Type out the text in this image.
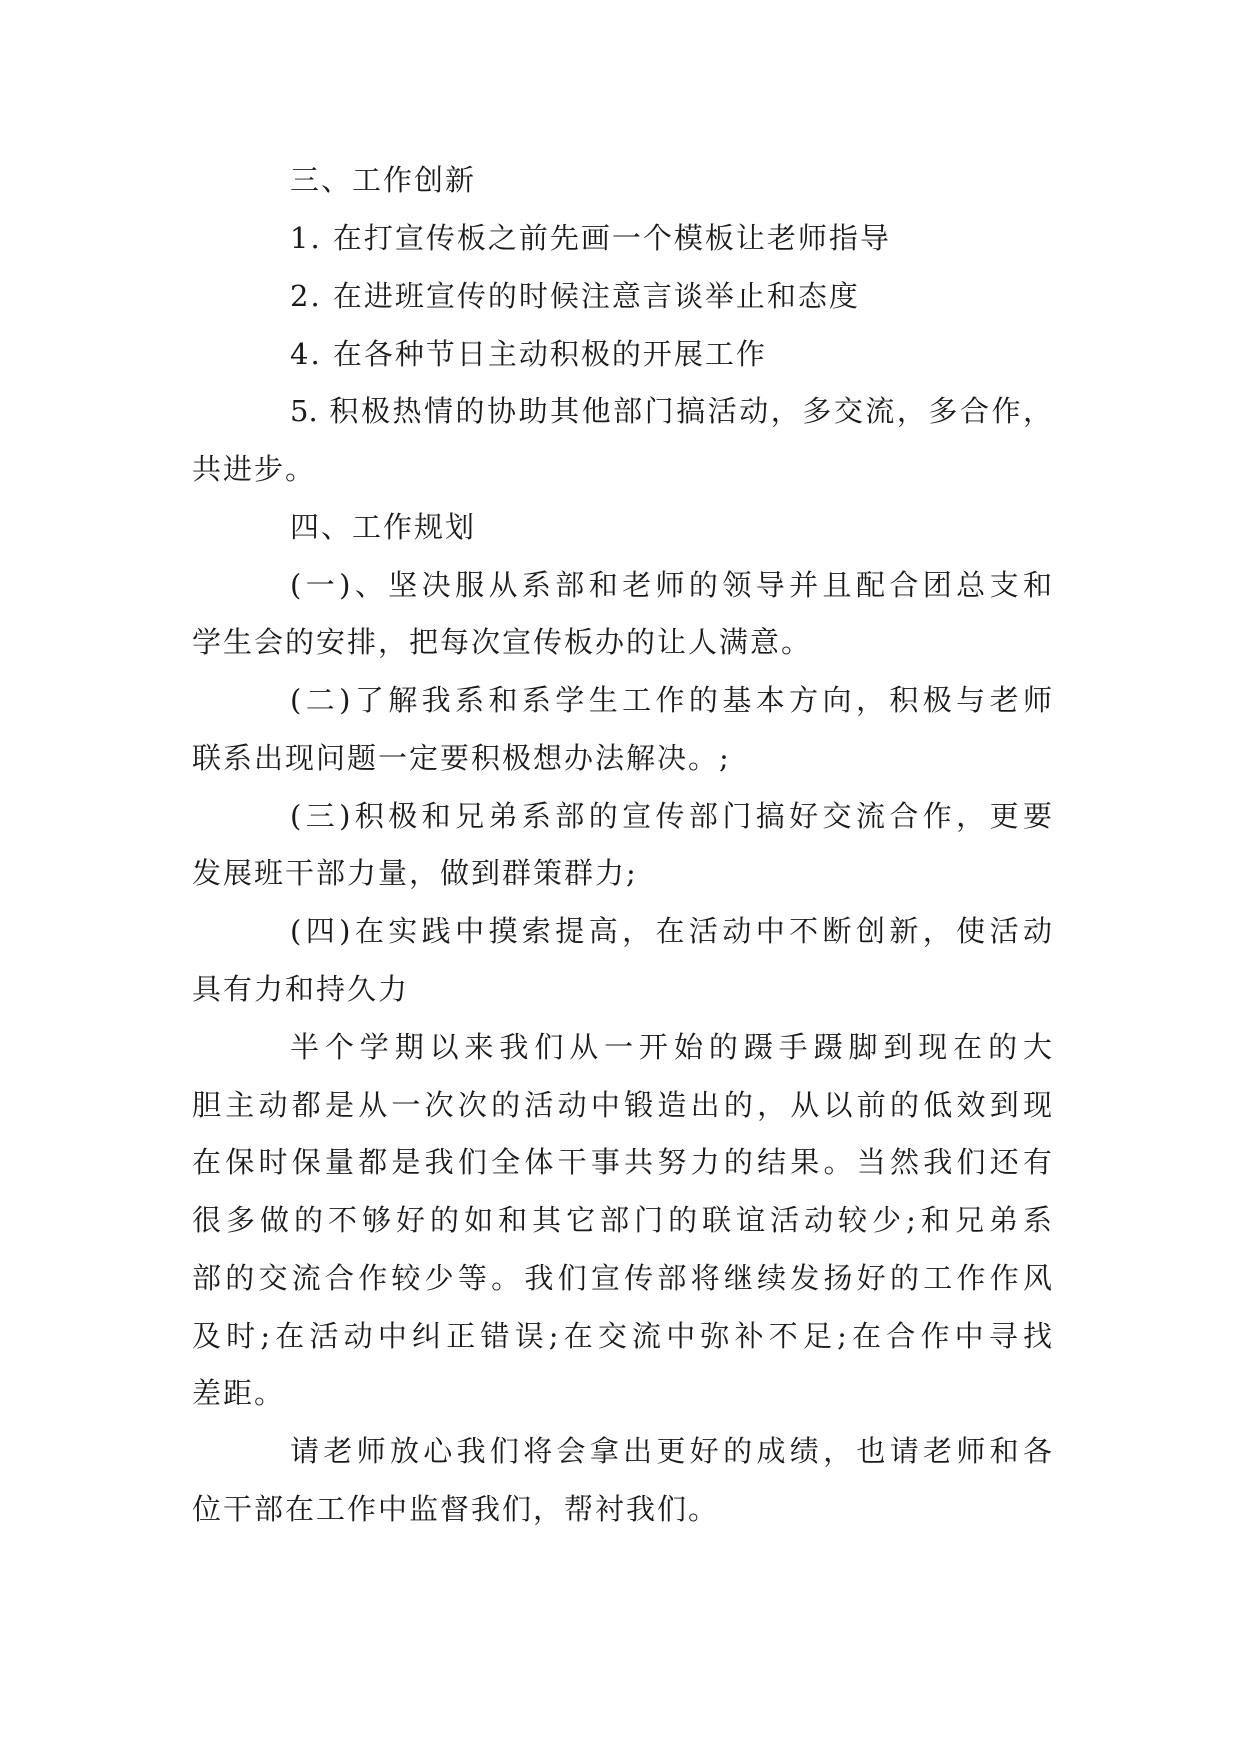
三、工作创新
1. 在打宣传板之前先画一个模板让老师指导
2. 在进班宣传的时候注意言谈举止和态度
4. 在各种节日主动积极的开展工作
5. 积极热情的协助其他部门搞活动，多交流，多合作，
共进步。
四、工作规划
(一)、坚决服从系部和老师的领导并且配合团总支和
学生会的安排，把每次宣传板办的让人满意。
(二)了解我系和系学生工作的基本方向，积极与老师
联系出现问题一定要积极想办法解决。;
(三)积极和兄弟系部的宣传部门搞好交流合作，更要
发展班干部力量，做到群策群力;
(四)在实践中摸索提高，在活动中不断创新，使活动
具有力和持久力
半个学期以来我们从一开始的蹑手蹑脚到现在的大
胆主动都是从一次次的活动中锻造出的，从以前的低效到现
在保时保量都是我们全体干事共努力的结果。当然我们还有
很多做的不够好的如和其它部门的联谊活动较少;和兄弟系
部的交流合作较少等。我们宣传部将继续发扬好的工作作风
及时;在活动中纠正错误;在交流中弥补不足;在合作中寻找
差距。
请老师放心我们将会拿出更好的成绩，也请老师和各
位干部在工作中监督我们，帮衬我们。
